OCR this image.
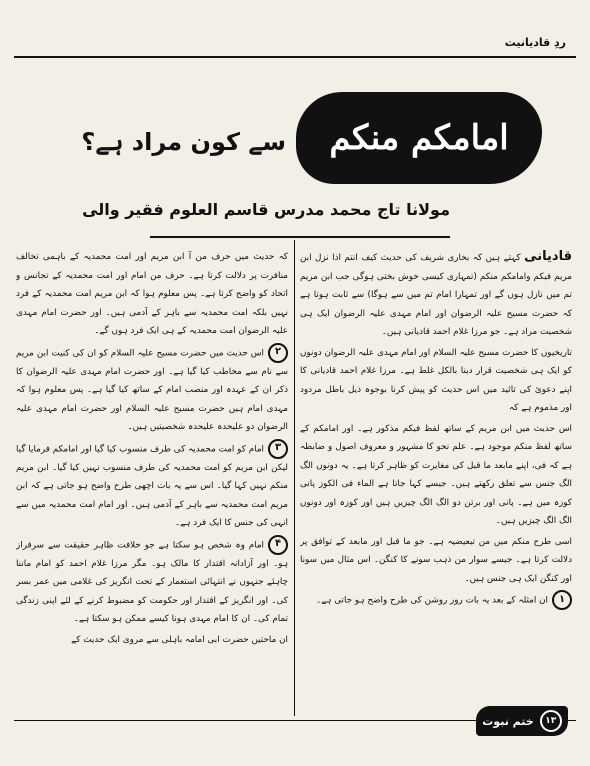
ردِ قادیانیت
امامکم منکم
سے کون مراد ہے؟
مولانا تاج محمد مدرس قاسم العلوم فقیر والی

قادیانی کہتے ہیں کہ بخاری شریف کی حدیث کیف انتم اذا نزل ابن مریم فیکم وامامکم منکم (تمہاری کیسی خوش بختی ہوگی جب ابن مریم تم میں نازل ہوں گے اور تمہارا امام تم میں سے ہوگا) سے ثابت ہوتا ہے کہ حضرت مسیح علیہ الرضوان اور امام مہدی علیہ الرضوان ایک ہی شخصیت مراد ہے۔ جو مرزا غلام احمد قادیانی ہیں۔

تاریخیوں کا حضرت مسیح علیہ السلام اور امام مہدی علیہ الرضوان دونوں کو ایک ہی شخصیت قرار دینا بالکل غلط ہے۔ مرزا غلام احمد قادیانی کا اپنے دعوئ کی تائید میں اس حدیث کو پیش کرنا بوجوہ ذیل باطل مردود اور مذموم ہے کہ

اس حدیث میں ابن مریم کے ساتھ لفظ فیکم مذکور ہے۔ اور امامکم کے ساتھ لفظ منکم موجود ہے۔ علم نحو کا مشہور و معروف اصول و ضابطہ ہے کہ فی، اپنے مابعد ما قبل کی مغایرت کو ظاہر کرتا ہے۔ یہ دونوں الگ الگ جنس سے تعلق رکھتے ہیں۔ جیسے کہا جاتا ہے الماء فی الکوز پانی کوزہ میں ہے۔ پانی اور برتن دو الگ الگ چیزیں ہیں اور کوزہ اور دونوں الگ الگ چیزیں ہیں۔

اسی طرح منکم میں من تبعیضیہ ہے۔ جو ما قبل اور مابعد کے توافق پر دلالت کرتا ہے۔ جیسے سوار من ذہب سونے کا کنگن۔ اس مثال میں سونا اور کنگن ایک ہی جنس ہیں۔

۱ان امثلہ کے بعد یہ بات روز روشن کی طرح واضح ہو جاتی ہے۔

کہ حدیث میں حرف من آ ابن مریم اور امت محمدیہ کے باہمی تخالف منافرت پر دلالت کرتا ہے۔ حرف من امام اور امت محمدیہ کے تجانس و اتحاد کو واضح کرتا ہے۔ پس معلوم ہوا کہ ابن مریم امت محمدیہ کے فرد نہیں بلکہ امت محمدیہ سے باہر کے آدمی ہیں۔ اور حضرت امام مہدی علیہ الرضوان امت محمدیہ کے ہی ایک فرد ہوں گے۔

۲اس حدیث میں حضرت مسیح علیہ السلام کو ان کی کنیت ابن مریم سے نام سے مخاطب کیا گیا ہے۔ اور حضرت امام مہدی علیہ الرضوان کا ذکر ان کے عہدہ اور منصب امام کے ساتھ کیا گیا ہے۔ پس معلوم ہوا کہ مہدی امام ہیں حضرت مسیح علیہ السلام اور حضرت امام مہدی علیہ الرضوان دو علیحدہ علیحدہ شخصیتیں ہیں۔

۳امام کو امت محمدیہ کی طرف منسوب کیا گیا اور امامکم فرمایا گیا لیکن ابن مریم کو امت محمدیہ کی طرف منسوب نہیں کیا گیا۔ ابن مریم منکم نہیں کہا گیا۔ اس سے یہ بات اچھی طرح واضح ہو جاتی ہے کہ ابن مریم امت محمدیہ سے باہر کے آدمی ہیں۔ اور امام امت محمدیہ میں سے انہی کی جنس کا ایک فرد ہے۔

۴امام وہ شخص ہو سکتا ہے جو خلافت ظاہر حقیقت سے سرفراز ہو۔ اور آزادانہ اقتدار کا مالک ہو۔ مگر مرزا غلام احمد کو امام ماننا چاہئے جنہوں نے انتہائی استعمار کے تحت انگریز کی غلامی میں عمر بسر کی۔ اور انگریز کے اقتدار اور حکومت کو مضبوط کرنے کے لئے اپنی زندگی تمام کی۔ ان کا امام مہدی ہونا کیسے ممکن ہو سکتا ہے۔

ان ماحتیں حضرت ابی امامہ باہلی سے مروی ایک حدیث کے

۱۳
ختم نبوت
